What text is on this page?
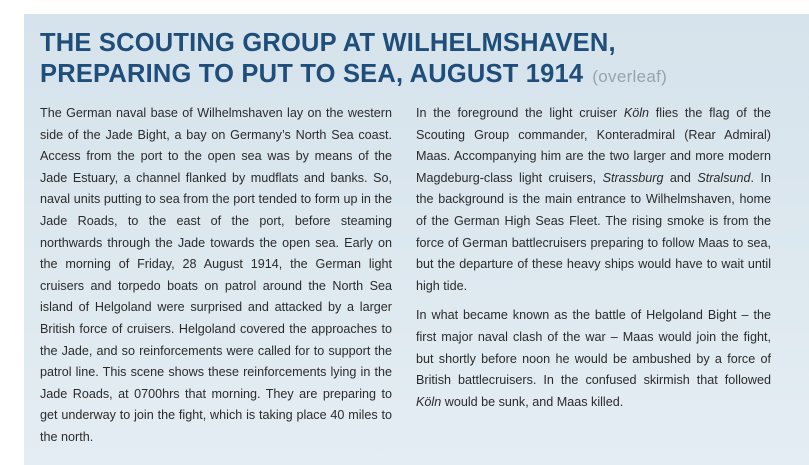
THE SCOUTING GROUP AT WILHELMSHAVEN,
PREPARING TO PUT TO SEA, AUGUST 1914 (overleaf)

The German naval base of Wilhelmshaven lay on the western side of the Jade Bight, a bay on Germany’s North Sea coast. Access from the port to the open sea was by means of the Jade Estuary, a channel flanked by mudflats and banks. So, naval units putting to sea from the port tended to form up in the Jade Roads, to the east of the port, before steaming northwards through the Jade towards the open sea. Early on the morning of Friday, 28 August 1914, the German light cruisers and torpedo boats on patrol around the North Sea island of Helgoland were surprised and attacked by a larger British force of cruisers. Helgoland covered the approaches to the Jade, and so reinforcements were called for to support the patrol line. This scene shows these reinforcements lying in the Jade Roads, at 0700hrs that morning. They are preparing to get underway to join the fight, which is taking place 40 miles to the north.

In the foreground the light cruiser Köln flies the flag of the Scouting Group commander, Konteradmiral (Rear Admiral) Maas. Accompanying him are the two larger and more modern Magdeburg-class light cruisers, Strassburg and Stralsund. In the background is the main entrance to Wilhelmshaven, home of the German High Seas Fleet. The rising smoke is from the force of German battlecruisers preparing to follow Maas to sea, but the departure of these heavy ships would have to wait until high tide.

In what became known as the battle of Helgoland Bight – the first major naval clash of the war – Maas would join the fight, but shortly before noon he would be ambushed by a force of British battlecruisers. In the confused skirmish that followed Köln would be sunk, and Maas killed.
